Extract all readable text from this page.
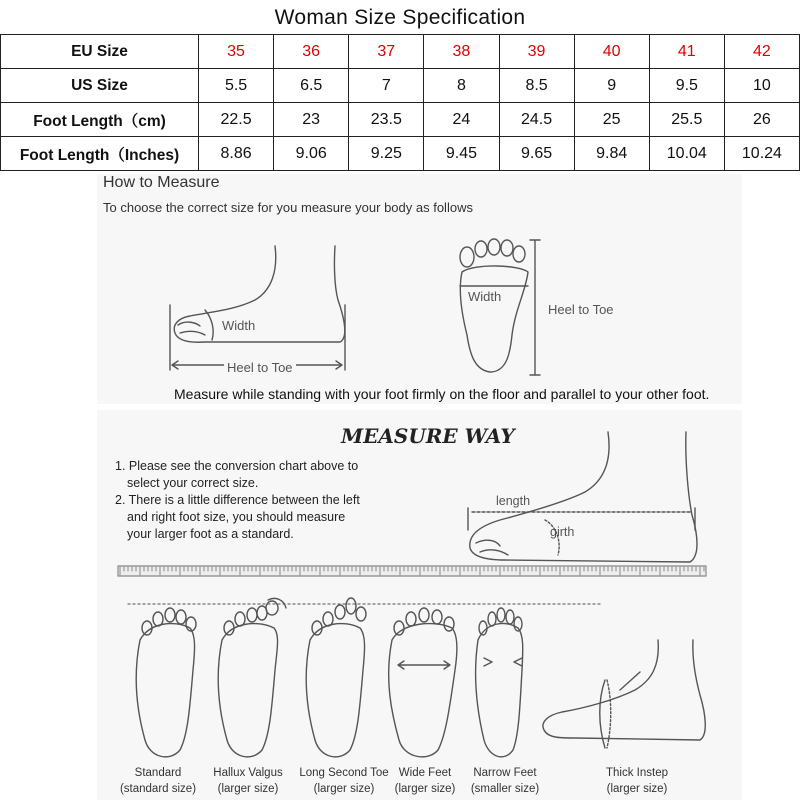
Woman Size Specification
EU Size	35	36	37	38	39	40	41	42
US Size	5.5	6.5	7	8	8.5	9	9.5	10
Foot Length（cm)	22.5	23	23.5	24	24.5	25	25.5	26
Foot Length（Inches)	8.86	9.06	9.25	9.45	9.65	9.84	10.04	10.24
How to Measure
To choose the correct size for you measure your body as follows
Width
Heel to Toe
Width
Heel to Toe
Measure while standing with your foot firmly on the floor and parallel to your other foot.
MEASURE WAY
1. Please see the conversion chart above to
select your correct size.
2. There is a little difference between the left
and right foot size, you should measure
your larger foot as a standard.
length
girth
Standard
(standard size)
Hallux Valgus
(larger size)
Long Second Toe
(larger size)
Wide Feet
(larger size)
Narrow Feet
(smaller size)
Thick Instep
(larger size)
